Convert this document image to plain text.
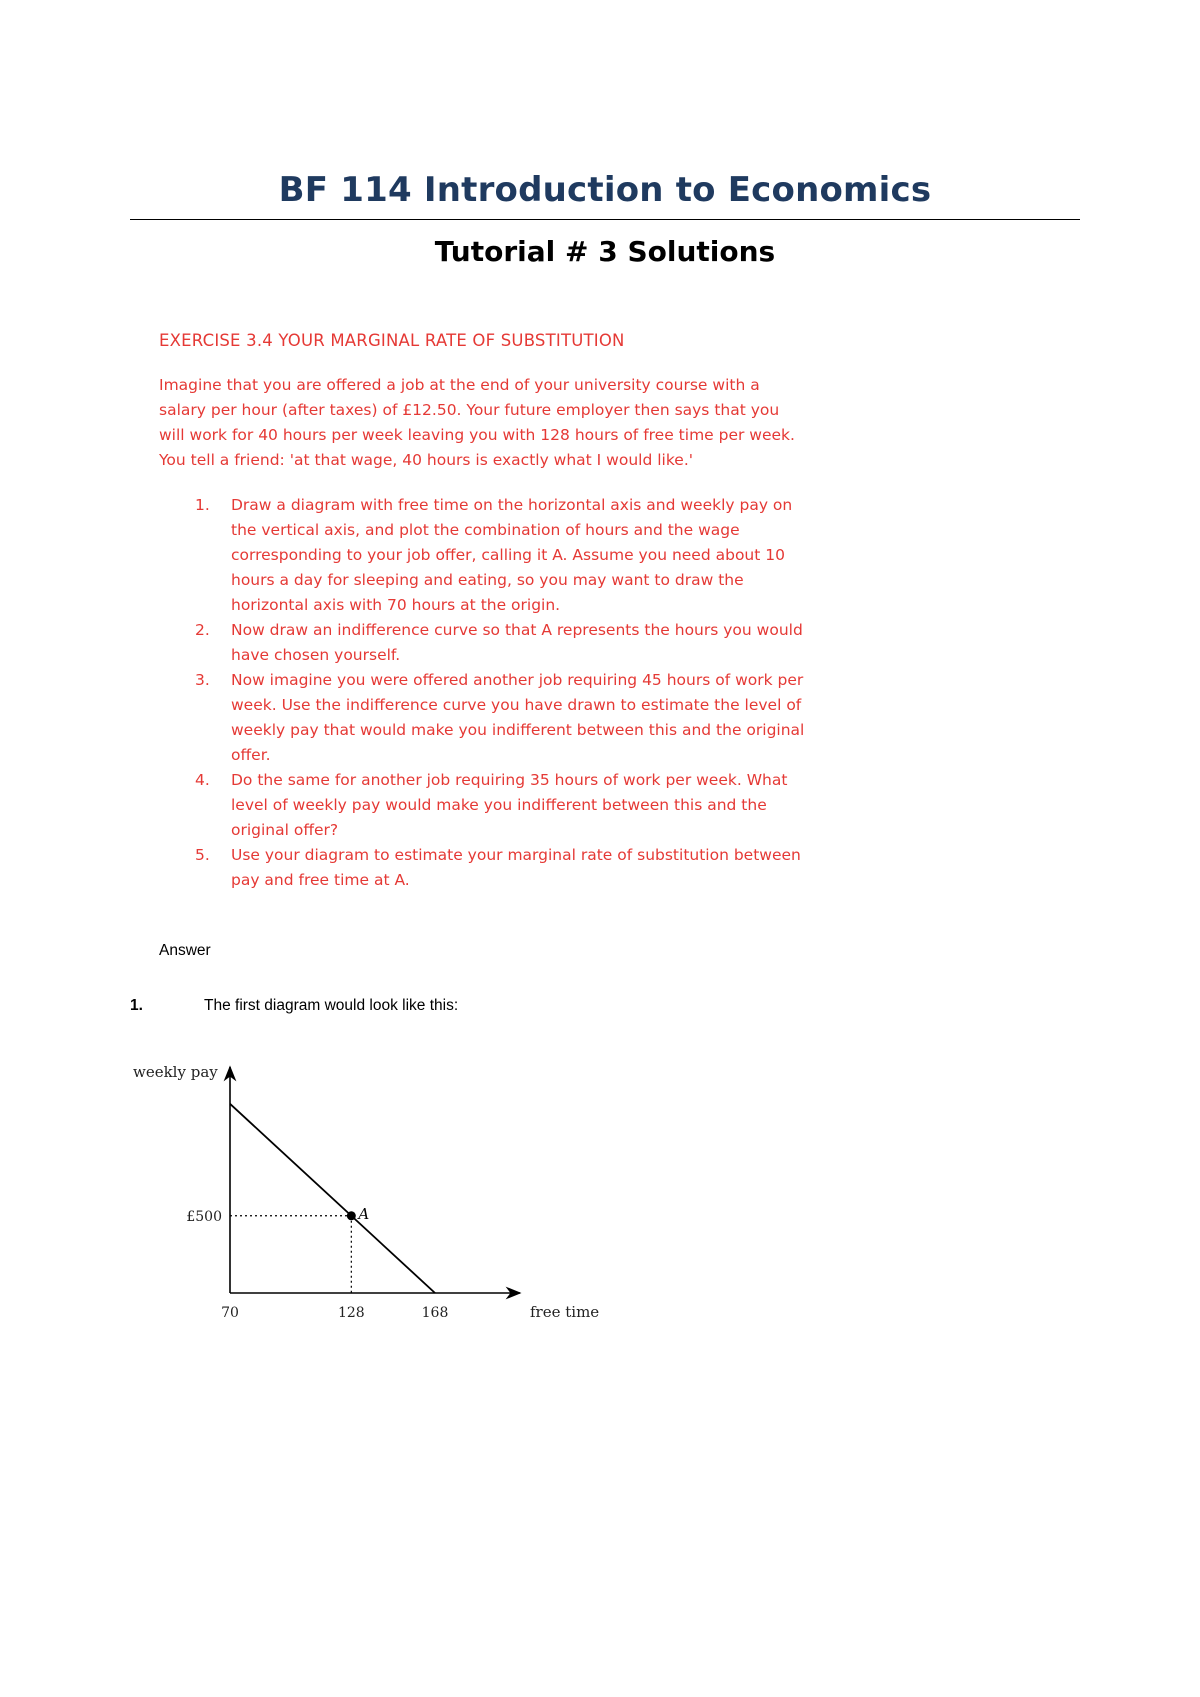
BF 114 Introduction to Economics
Tutorial # 3 Solutions
EXERCISE 3.4 YOUR MARGINAL RATE OF SUBSTITUTION

Imagine that you are offered a job at the end of your university course with a salary per hour (after taxes) of £12.50. Your future employer then says that you will work for 40 hours per week leaving you with 128 hours of free time per week. You tell a friend: 'at that wage, 40 hours is exactly what I would like.'

1. Draw a diagram with free time on the horizontal axis and weekly pay on the vertical axis, and plot the combination of hours and the wage corresponding to your job offer, calling it A. Assume you need about 10 hours a day for sleeping and eating, so you may want to draw the horizontal axis with 70 hours at the origin.
2. Now draw an indifference curve so that A represents the hours you would have chosen yourself.
3. Now imagine you were offered another job requiring 45 hours of work per week. Use the indifference curve you have drawn to estimate the level of weekly pay that would make you indifferent between this and the original offer.
4. Do the same for another job requiring 35 hours of work per week. What level of weekly pay would make you indifferent between this and the original offer?
5. Use your diagram to estimate your marginal rate of substitution between pay and free time at A.
Answer
1.	The first diagram would look like this:
weekly pay
free time
A
70	128	168
£500
